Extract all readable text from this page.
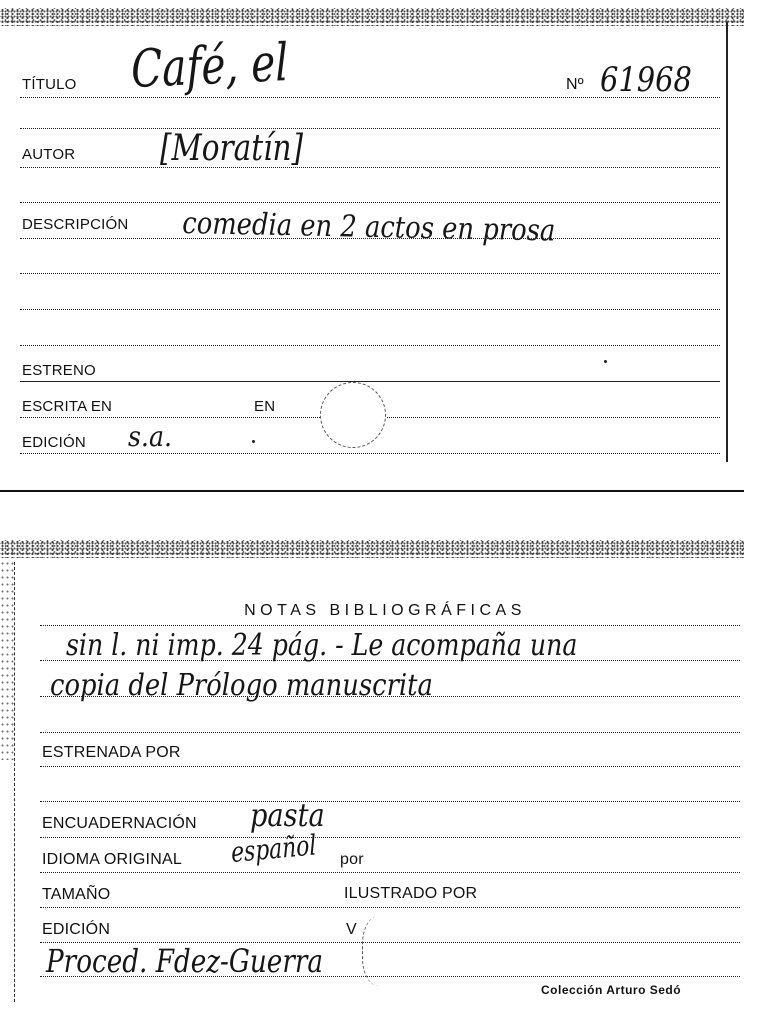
TÍTULO Café, el	Nº 61968
AUTOR [Moratín]
DESCRIPCIÓN comedia en 2 actos en prosa
ESTRENO
ESCRITA EN	EN
EDICIÓN s.a.
NOTAS BIBLIOGRÁFICAS
sin l. ni imp. 24 pág. - Le acompaña una
copia del Prólogo manuscrita
ESTRENADA POR
ENCUADERNACIÓN pasta
IDIOMA ORIGINAL español por
TAMAÑO	ILUSTRADO POR
EDICIÓN	V
Proced. Fdez-Guerra
Colección Arturo Sedó
